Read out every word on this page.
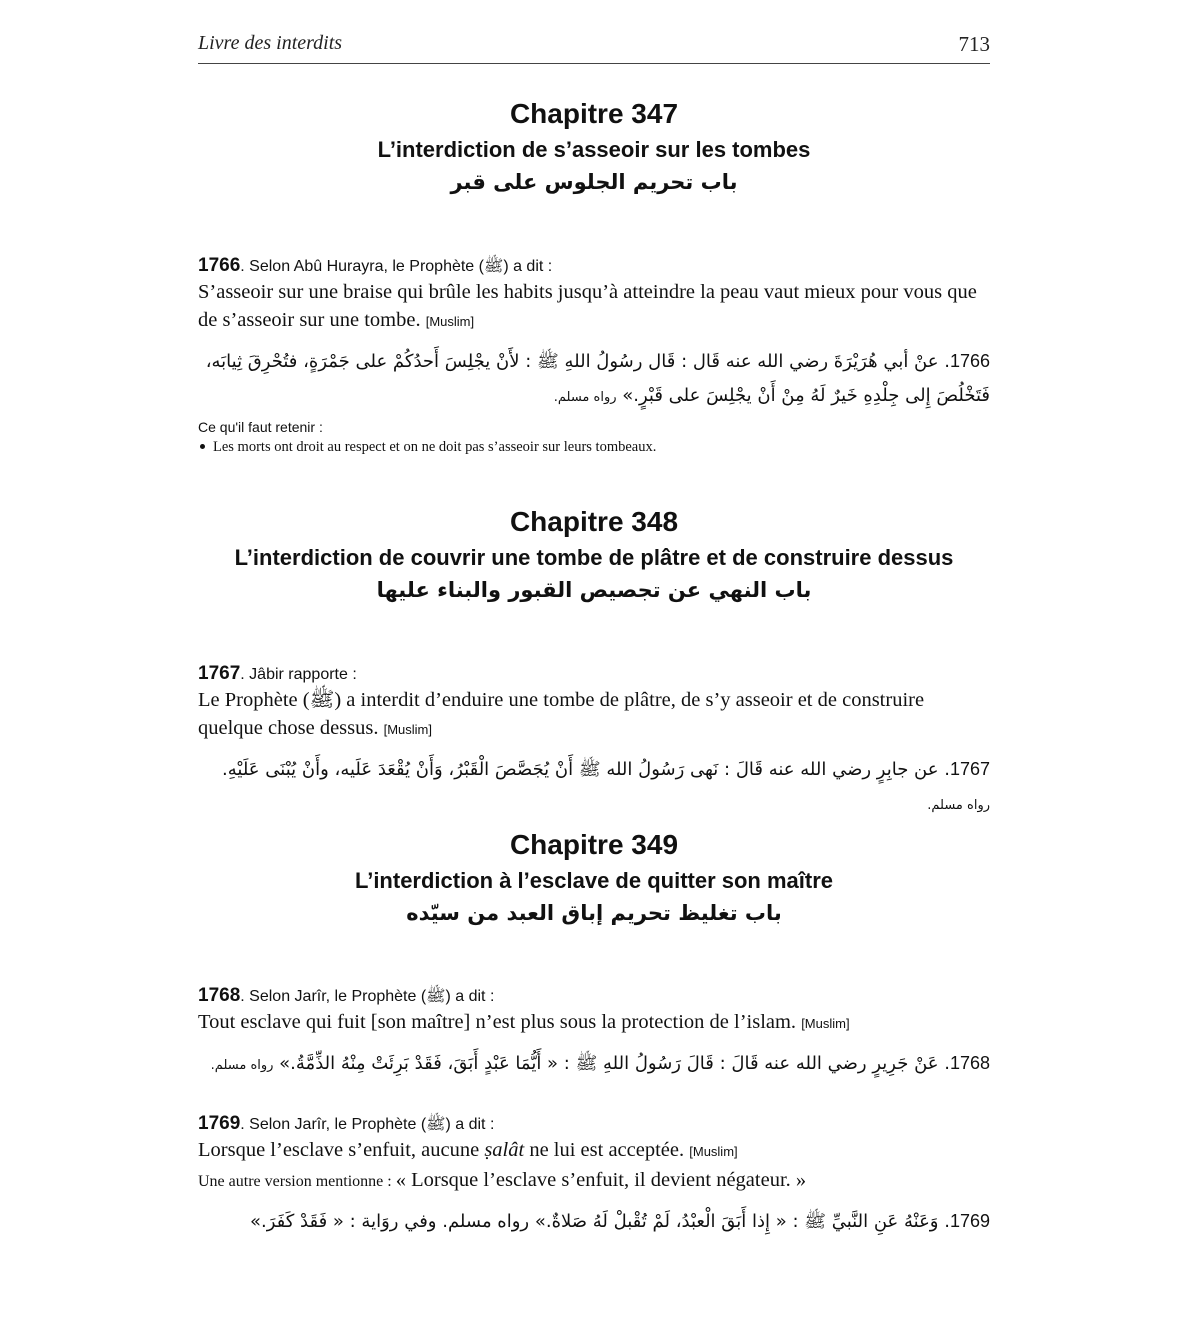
Livre des interdits	713
Chapitre 347
L’interdiction de s’asseoir sur les tombes
باب تحريم الجلوس على قبر
1766. Selon Abû Hurayra, le Prophète (ﷺ) a dit :
S’asseoir sur une braise qui brûle les habits jusqu’à atteindre la peau vaut mieux pour vous que de s’asseoir sur une tombe. [Muslim]
1766. عنْ أبي هُرَيْرَةَ رضي الله عنه قَال : قَال رسُولُ اللهِ ﷺ : لأَنْ يجْلِسَ أَحدُكُمْ على جَمْرَةٍ، فتُحْرِقَ ثِيابَه، فَتَخْلُصَ إِلى جِلْدِهِ خَيرٌ لَهُ مِنْ أَنْ يجْلِسَ على قَبْرٍ.» رواه مسلم.
Ce qu'il faut retenir :
Les morts ont droit au respect et on ne doit pas s’asseoir sur leurs tombeaux.
Chapitre 348
L’interdiction de couvrir une tombe de plâtre et de construire dessus
باب النهي عن تجصيص القبور والبناء عليها
1767. Jâbir rapporte :
Le Prophète (ﷺ) a interdit d’enduire une tombe de plâtre, de s’y asseoir et de construire quelque chose dessus. [Muslim]
1767. عن جابِرٍ رضي الله عنه قَالَ : نَهى رَسُولُ الله ﷺ أَنْ يُجَصَّصَ الْقَبْرُ، وَأَنْ يُقْعَدَ عَلَيه، وأَنْ يُبْنَى عَلَيْهِ. رواه مسلم.
Chapitre 349
L’interdiction à l’esclave de quitter son maître
باب تغليظ تحريم إباق العبد من سيّده
1768. Selon Jarîr, le Prophète (ﷺ) a dit :
Tout esclave qui fuit [son maître] n’est plus sous la protection de l’islam. [Muslim]
1768. عَنْ جَرِيرٍ رضي الله عنه قَالَ : قَالَ رَسُولُ اللهِ ﷺ : « أَيُّمَا عَبْدٍ أَبَقَ، فَقَدْ بَرِئَتْ مِنْهُ الذِّمَّةُ.» رواه مسلم.
1769. Selon Jarîr, le Prophète (ﷺ) a dit :
Lorsque l’esclave s’enfuit, aucune ṣalât ne lui est acceptée. [Muslim]
Une autre version mentionne : « Lorsque l’esclave s’enfuit, il devient négateur. »
1769. وَعَنْهُ عَنِ النَّبيِّ ﷺ : « إِذا أَبَقَ الْعبْدُ، لَمْ تُقْبلْ لَهُ صَلاةٌ.» رواه مسلم. وفي روَاية : « فَقَدْ كَفَرَ.»
